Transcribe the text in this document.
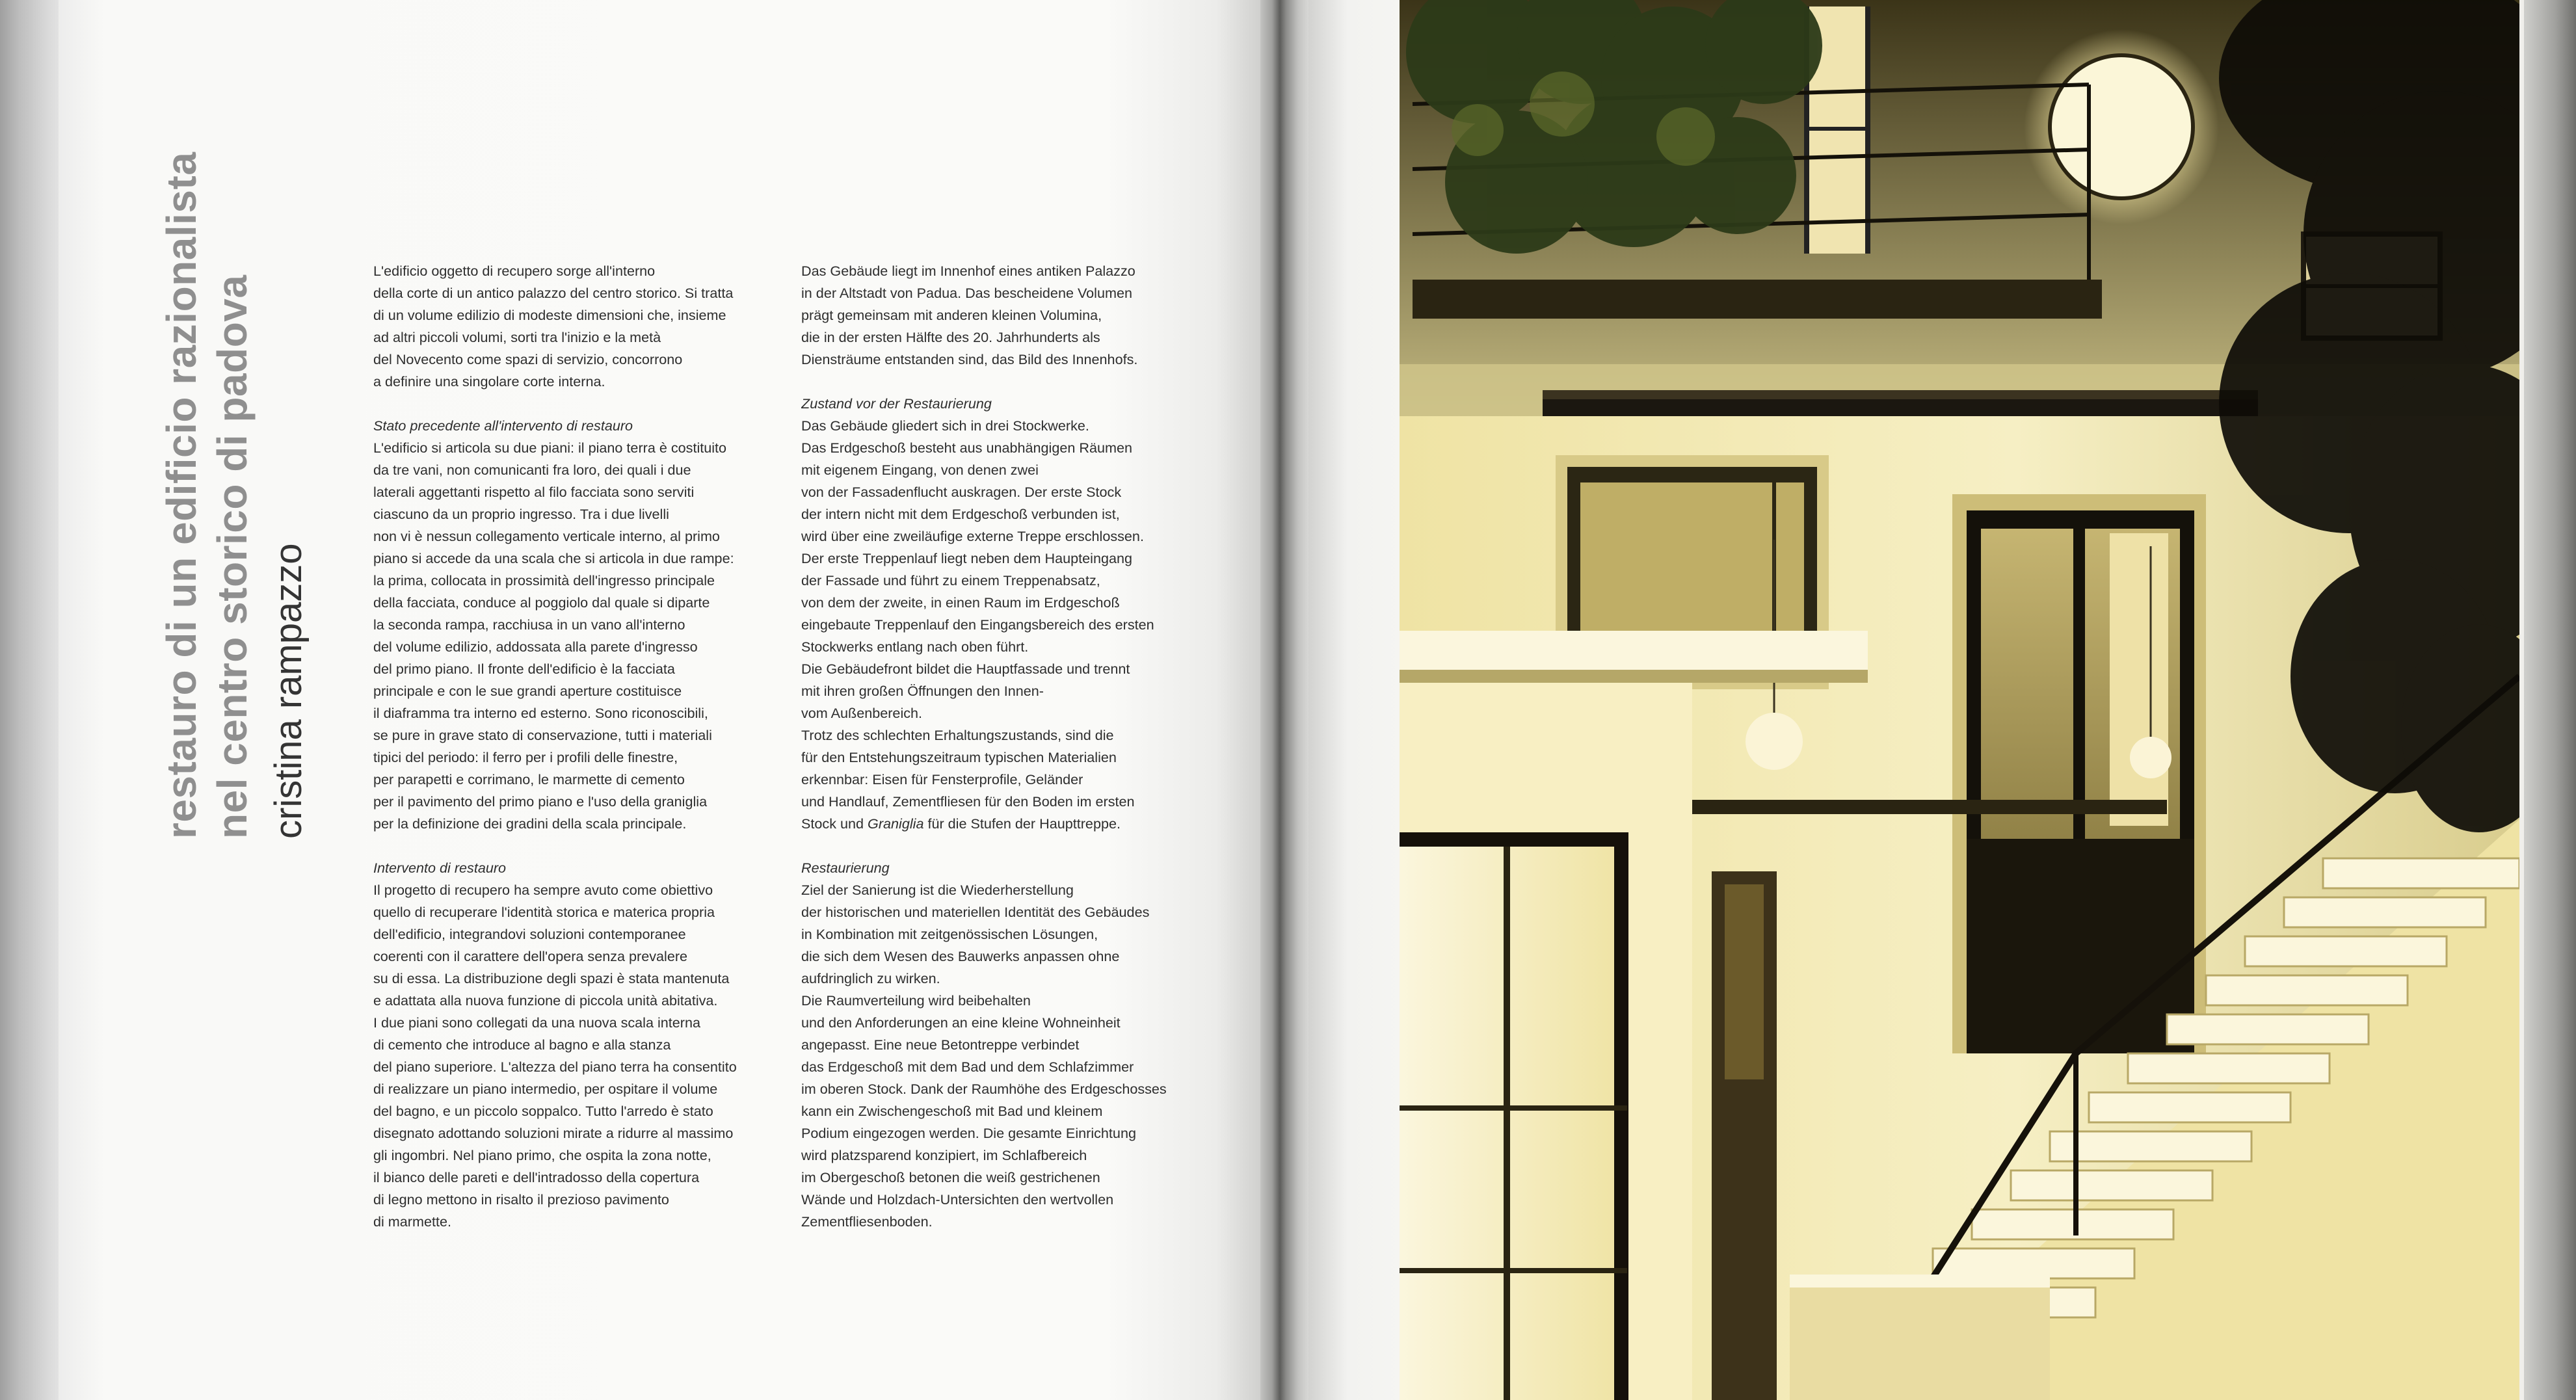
restauro di un edificio razionalista nel centro storico di padova cristina rampazzo
L'edificio oggetto di recupero sorge all'interno
della corte di un antico palazzo del centro storico. Si tratta
di un volume edilizio di modeste dimensioni che, insieme
ad altri piccoli volumi, sorti tra l'inizio e la metà
del Novecento come spazi di servizio, concorrono
a definire una singolare corte interna.
Stato precedente all'intervento di restauro
L'edificio si articola su due piani: il piano terra è costituito
da tre vani, non comunicanti fra loro, dei quali i due
laterali aggettanti rispetto al filo facciata sono serviti
ciascuno da un proprio ingresso. Tra i due livelli
non vi è nessun collegamento verticale interno, al primo
piano si accede da una scala che si articola in due rampe:
la prima, collocata in prossimità dell'ingresso principale
della facciata, conduce al poggiolo dal quale si diparte
la seconda rampa, racchiusa in un vano all'interno
del volume edilizio, addossata alla parete d'ingresso
del primo piano. Il fronte dell'edificio è la facciata
principale e con le sue grandi aperture costituisce
il diaframma tra interno ed esterno. Sono riconoscibili,
se pure in grave stato di conservazione, tutti i materiali
tipici del periodo: il ferro per i profili delle finestre,
per parapetti e corrimano, le marmette di cemento
per il pavimento del primo piano e l'uso della graniglia
per la definizione dei gradini della scala principale.
Intervento di restauro
Il progetto di recupero ha sempre avuto come obiettivo
quello di recuperare l'identità storica e materica propria
dell'edificio, integrandovi soluzioni contemporanee
coerenti con il carattere dell'opera senza prevalere
su di essa. La distribuzione degli spazi è stata mantenuta
e adattata alla nuova funzione di piccola unità abitativa.
I due piani sono collegati da una nuova scala interna
di cemento che introduce al bagno e alla stanza
del piano superiore. L'altezza del piano terra ha consentito
di realizzare un piano intermedio, per ospitare il volume
del bagno, e un piccolo soppalco. Tutto l'arredo è stato
disegnato adottando soluzioni mirate a ridurre al massimo
gli ingombri. Nel piano primo, che ospita la zona notte,
il bianco delle pareti e dell'intradosso della copertura
di legno mettono in risalto il prezioso pavimento
di marmette.
Das Gebäude liegt im Innenhof eines antiken Palazzo
in der Altstadt von Padua. Das bescheidene Volumen
prägt gemeinsam mit anderen kleinen Volumina,
die in der ersten Hälfte des 20. Jahrhunderts als
Diensträume entstanden sind, das Bild des Innenhofs.
Zustand vor der Restaurierung
Das Gebäude gliedert sich in drei Stockwerke.
Das Erdgeschoß besteht aus unabhängigen Räumen
mit eigenem Eingang, von denen zwei
von der Fassadenflucht auskragen. Der erste Stock
der intern nicht mit dem Erdgeschoß verbunden ist,
wird über eine zweiläufige externe Treppe erschlossen.
Der erste Treppenlauf liegt neben dem Haupteingang
der Fassade und führt zu einem Treppenabsatz,
von dem der zweite, in einen Raum im Erdgeschoß
eingebaute Treppenlauf den Eingangsbereich des ersten
Stockwerks entlang nach oben führt.
Die Gebäudefront bildet die Hauptfassade und trennt
mit ihren großen Öffnungen den Innen-
vom Außenbereich.
Trotz des schlechten Erhaltungszustands, sind die
für den Entstehungszeitraum typischen Materialien
erkennbar: Eisen für Fensterprofile, Geländer
und Handlauf, Zementfliesen für den Boden im ersten
Stock und Graniglia für die Stufen der Haupttreppe.
Restaurierung
Ziel der Sanierung ist die Wiederherstellung
der historischen und materiellen Identität des Gebäudes
in Kombination mit zeitgenössischen Lösungen,
die sich dem Wesen des Bauwerks anpassen ohne
aufdringlich zu wirken.
Die Raumverteilung wird beibehalten
und den Anforderungen an eine kleine Wohneinheit
angepasst. Eine neue Betontreppe verbindet
das Erdgeschoß mit dem Bad und dem Schlafzimmer
im oberen Stock. Dank der Raumhöhe des Erdgeschosses
kann ein Zwischengeschoß mit Bad und kleinem
Podium eingezogen werden. Die gesamte Einrichtung
wird platzsparend konzipiert, im Schlafbereich
im Obergeschoß betonen die weiß gestrichenen
Wände und Holzdach-Untersichten den wertvollen
Zementfliesenboden.
